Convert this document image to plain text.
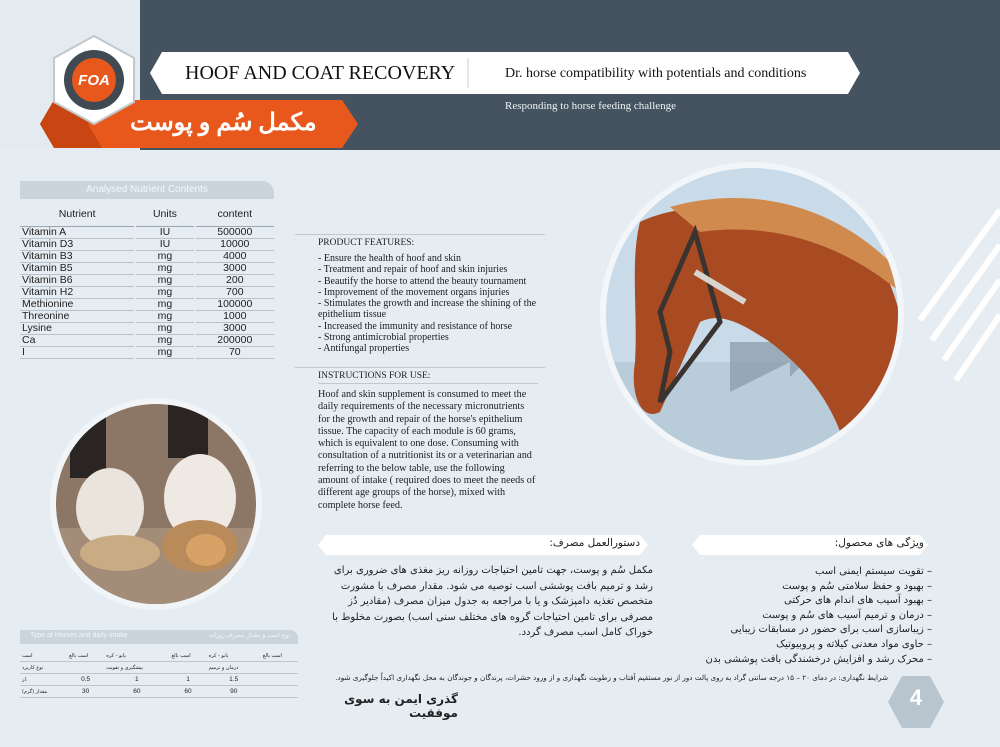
HOOF AND COAT RECOVERY	Dr. horse compatibility with potentials and conditions
Responding to horse feeding challenge
مکمل سُم و پوست
FOA
Analysed Nutrient Contents
Nutrient	Units	content
Vitamin A	IU	500000
Vitamin D3	IU	10000
Vitamin B3	mg	4000
Vitamin B5	mg	3000
Vitamin B6	mg	200
Vitamin H2	mg	700
Methionine	mg	100000
Threonine	mg	1000
Lysine	mg	3000
Ca	mg	200000
I	mg	70
PRODUCT FEATURES:
- Ensure the health of hoof and skin
- Treatment and repair of hoof and skin injuries
- Beautify the horse to attend the beauty tournament
- Improvement of the movement organs injuries
- Stimulates the growth and increase the shining of the epithelium tissue
- Increased the immunity and resistance of horse
- Strong antimicrobial properties
- Antifungal properties
INSTRUCTIONS FOR USE:

Hoof and skin supplement is consumed to meet the daily requirements of the necessary micronutrients for the growth and repair of the horse's epithelium tissue. The capacity of each module is 60 grams, which is equivalent to one dose. Consuming with consultation of a nutritionist its or a veterinarian and referring to the below table, use the following amount of intake ( required does to meet the needs of different age groups of the horse), mixed with complete horse feed.

دستورالعمل مصرف:

مکمل سُم و پوست، جهت تامین احتیاجات روزانه ریز مغذی های ضروری برای رشد و ترمیم بافت پوششی اسب توصیه می شود. مقدار مصرف با مشورت متخصص تغذیه دامپزشک و یا با مراجعه به جدول میزان مصرف (مقادیر دُز مصرفی برای تامین احتیاجات گروه های مختلف سنی اسب) بصورت مخلوط با خوراک کامل اسب مصرف گردد.

ویژگی های محصول:
– تقویت سیستم ایمنی اسب
– بهبود و حفظ سلامتی سُم و پوست
– بهبود آسیب های اندام های حرکتی
– درمان و ترمیم آسیب های سُم و پوست
– زیباسازی اسب برای حضور در مسابقات زیبایی
– حاوی مواد معدنی کیلاته و پروبیوتیک
– محرک رشد و افزایش درخشندگی بافت پوششی بدن
شرایط نگهداری: در دمای ۲۰ – ۱۵ درجه سانتی گراد به روی پالت دور از نور مستقیم آفتاب و رطوبت نگهداری و از ورود حشرات، پرندگان و جوندگان به محل نگهداری اکیداً جلوگیری شود.
گذری ایمن به سوی موفقیت
4
Type of Horses and daily intake	نوع اسب و مقدار مصرف روزانه
اسب	اسب بالغ	یابو - کره	اسب بالغ	یابو - کره	اسب بالغ
نوع کاربرد		پیشگیری و تقویت		درمان و ترمیم	
دُز	0.5	1	1	1.5	
مقدار (گرم)	30	60	60	90	
